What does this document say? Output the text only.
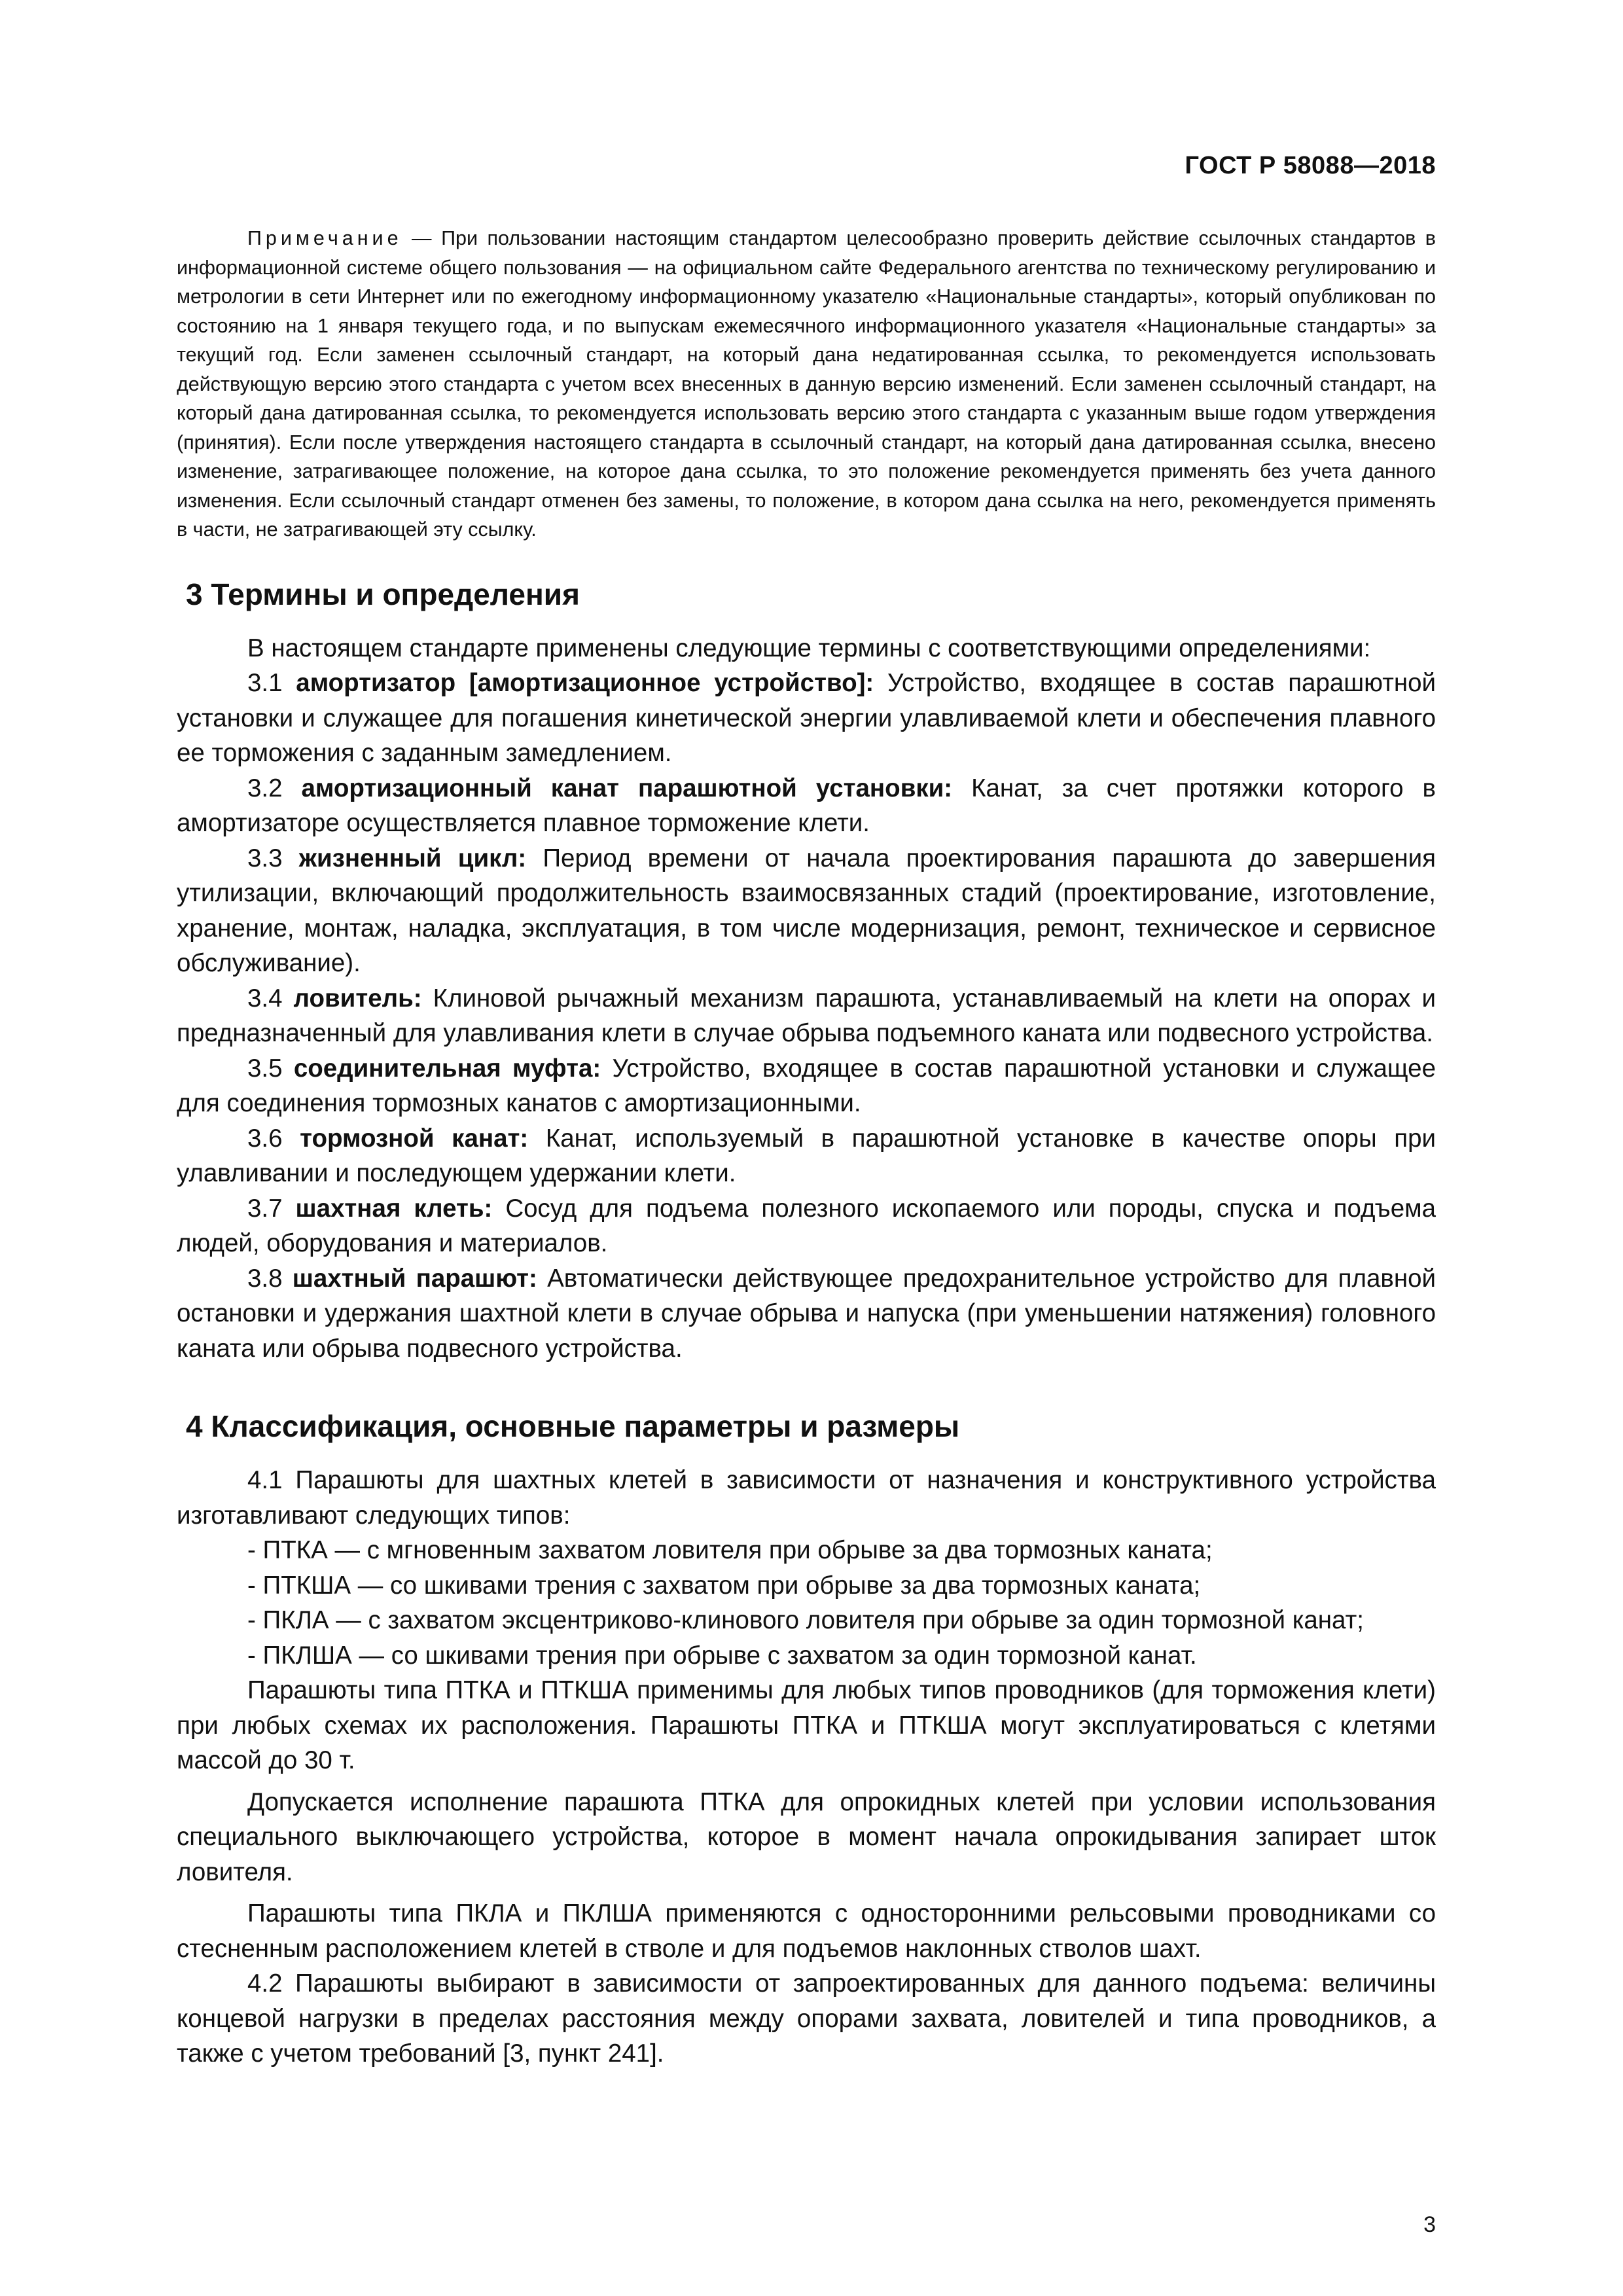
ГОСТ Р 58088—2018

Примечание — При пользовании настоящим стандартом целесообразно проверить действие ссылочных стандартов в информационной системе общего пользования — на официальном сайте Федерального агентства по техническому регулированию и метрологии в сети Интернет или по ежегодному информационному указателю «Национальные стандарты», который опубликован по состоянию на 1 января текущего года, и по выпускам ежемесячного информационного указателя «Национальные стандарты» за текущий год. Если заменен ссылочный стандарт, на который дана недатированная ссылка, то рекомендуется использовать действующую версию этого стандарта с учетом всех внесенных в данную версию изменений. Если заменен ссылочный стандарт, на который дана датированная ссылка, то рекомендуется использовать версию этого стандарта с указанным выше годом утверждения (принятия). Если после утверждения настоящего стандарта в ссылочный стандарт, на который дана датированная ссылка, внесено изменение, затрагивающее положение, на которое дана ссылка, то это положение рекомендуется применять без учета данного изменения. Если ссылочный стандарт отменен без замены, то положение, в котором дана ссылка на него, рекомендуется применять в части, не затрагивающей эту ссылку.

3 Термины и определения

В настоящем стандарте применены следующие термины с соответствующими определениями:

3.1 амортизатор [амортизационное устройство]: Устройство, входящее в состав парашютной установки и служащее для погашения кинетической энергии улавливаемой клети и обеспечения плавного ее торможения с заданным замедлением.

3.2 амортизационный канат парашютной установки: Канат, за счет протяжки которого в амортизаторе осуществляется плавное торможение клети.

3.3 жизненный цикл: Период времени от начала проектирования парашюта до завершения утилизации, включающий продолжительность взаимосвязанных стадий (проектирование, изготовление, хранение, монтаж, наладка, эксплуатация, в том числе модернизация, ремонт, техническое и сервисное обслуживание).

3.4 ловитель: Клиновой рычажный механизм парашюта, устанавливаемый на клети на опорах и предназначенный для улавливания клети в случае обрыва подъемного каната или подвесного устройства.

3.5 соединительная муфта: Устройство, входящее в состав парашютной установки и служащее для соединения тормозных канатов с амортизационными.

3.6 тормозной канат: Канат, используемый в парашютной установке в качестве опоры при улавливании и последующем удержании клети.

3.7 шахтная клеть: Сосуд для подъема полезного ископаемого или породы, спуска и подъема людей, оборудования и материалов.

3.8 шахтный парашют: Автоматически действующее предохранительное устройство для плавной остановки и удержания шахтной клети в случае обрыва и напуска (при уменьшении натяжения) головного каната или обрыва подвесного устройства.

4 Классификация, основные параметры и размеры

4.1 Парашюты для шахтных клетей в зависимости от назначения и конструктивного устройства изготавливают следующих типов:

- ПТКА — с мгновенным захватом ловителя при обрыве за два тормозных каната;

- ПТКША — со шкивами трения с захватом при обрыве за два тормозных каната;

- ПКЛА — с захватом эксцентриково-клинового ловителя при обрыве за один тормозной канат;

- ПКЛША — со шкивами трения при обрыве с захватом за один тормозной канат.

Парашюты типа ПТКА и ПТКША применимы для любых типов проводников (для торможения клети) при любых схемах их расположения. Парашюты ПТКА и ПТКША могут эксплуатироваться с клетями массой до 30 т.

Допускается исполнение парашюта ПТКА для опрокидных клетей при условии использования специального выключающего устройства, которое в момент начала опрокидывания запирает шток ловителя.

Парашюты типа ПКЛА и ПКЛША применяются с односторонними рельсовыми проводниками со стесненным расположением клетей в стволе и для подъемов наклонных стволов шахт.

4.2 Парашюты выбирают в зависимости от запроектированных для данного подъема: величины концевой нагрузки в пределах расстояния между опорами захвата, ловителей и типа проводников, а также с учетом требований [3, пункт 241].

3
